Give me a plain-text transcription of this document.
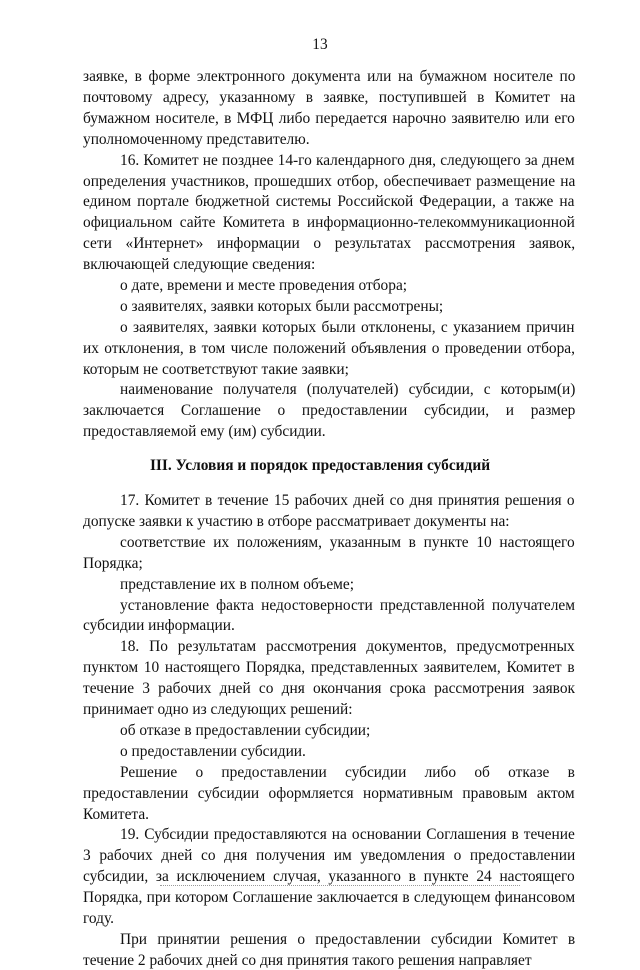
13
заявке, в форме электронного документа или на бумажном носителе по
почтовому адресу, указанному в заявке, поступившей в Комитет на
бумажном носителе, в МФЦ либо передается нарочно заявителю или его
уполномоченному представителю.
16. Комитет не позднее 14-го календарного дня, следующего за днем
определения участников, прошедших отбор, обеспечивает размещение на
едином портале бюджетной системы Российской Федерации, а также на
официальном сайте Комитета в информационно-телекоммуникационной
сети «Интернет» информации о результатах рассмотрения заявок,
включающей следующие сведения:
о дате, времени и месте проведения отбора;
о заявителях, заявки которых были рассмотрены;
о заявителях, заявки которых были отклонены, с указанием причин
их отклонения, в том числе положений объявления о проведении отбора,
которым не соответствуют такие заявки;
наименование получателя (получателей) субсидии, с которым(и)
заключается Соглашение о предоставлении субсидии, и размер
предоставляемой ему (им) субсидии.
III. Условия и порядок предоставления субсидий
17. Комитет в течение 15 рабочих дней со дня принятия решения о
допуске заявки к участию в отборе рассматривает документы на:
соответствие их положениям, указанным в пункте 10 настоящего
Порядка;
представление их в полном объеме;
установление факта недостоверности представленной получателем
субсидии информации.
18. По результатам рассмотрения документов, предусмотренных
пунктом 10 настоящего Порядка, представленных заявителем, Комитет в
течение 3 рабочих дней со дня окончания срока рассмотрения заявок
принимает одно из следующих решений:
об отказе в предоставлении субсидии;
о предоставлении субсидии.
Решение о предоставлении субсидии либо об отказе в
предоставлении субсидии оформляется нормативным правовым актом
Комитета.
19. Субсидии предоставляются на основании Соглашения в течение
3 рабочих дней со дня получения им уведомления о предоставлении
субсидии, за исключением случая, указанного в пункте 24 настоящего
Порядка, при котором Соглашение заключается в следующем финансовом
году.
При принятии решения о предоставлении субсидии Комитет в
течение 2 рабочих дней со дня принятия такого решения направляет
